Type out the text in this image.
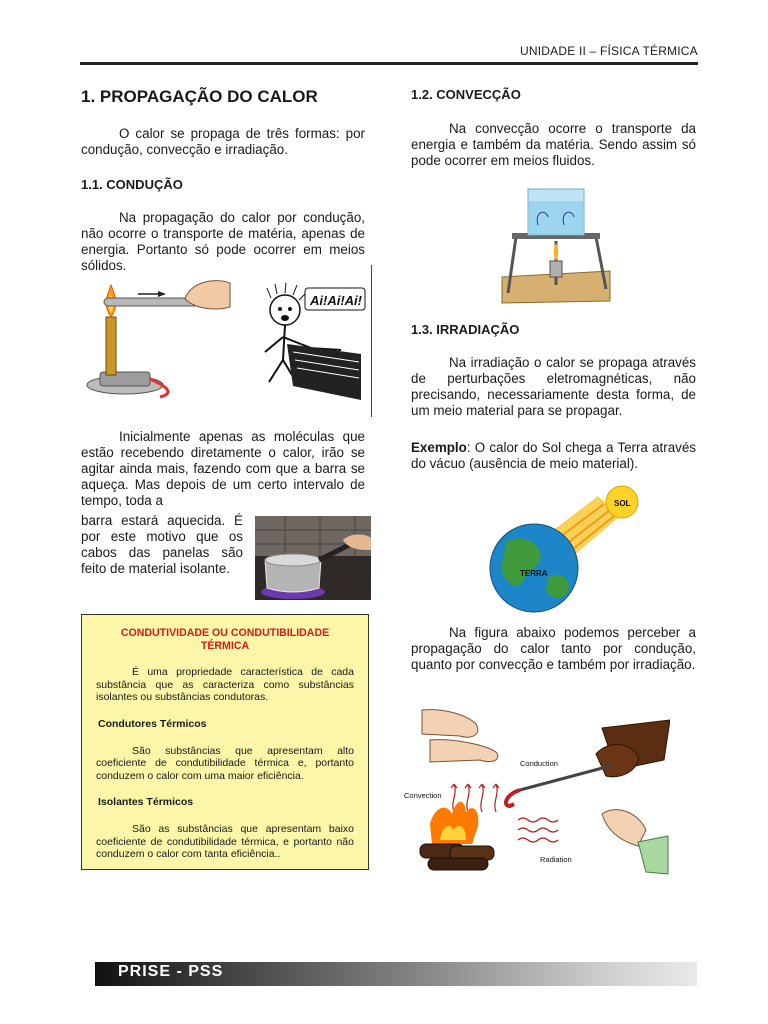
UNIDADE II – FÍSICA TÉRMICA
1. PROPAGAÇÃO DO CALOR

O calor se propaga de três formas: por condução, convecção e irradiação.

1.1. CONDUÇÃO

Na propagação do calor por condução, não ocorre o transporte de matéria, apenas de energia. Portanto só pode ocorrer em meios sólidos.

Ai!Ai!Ai!

Inicialmente apenas as moléculas que estão recebendo diretamente o calor, irão se agitar ainda mais, fazendo com que a barra se aqueça. Mas depois de um certo intervalo de tempo, toda a

barra estará aquecida. É por este motivo que os cabos das panelas são feito de material isolante.

CONDUTIVIDADE OU CONDUTIBILIDADE TÉRMICA

É uma propriedade característica de cada substância que as caracteriza como substâncias isolantes ou substâncias condutoras.

Condutores Térmicos

São substâncias que apresentam alto coeficiente de condutibilidade térmica e, portanto conduzem o calor com uma maior eficiência.

Isolantes Térmicos

São as substâncias que apresentam baixo coeficiente de condutibilidade térmica, e portanto não conduzem o calor com tanta eficiência..

1.2. CONVECÇÃO

Na convecção ocorre o transporte da energia e também da matéria. Sendo assim só pode ocorrer em meios fluidos.

1.3. IRRADIAÇÃO

Na irradiação o calor se propaga através de perturbações eletromagnéticas, não precisando, necessariamente desta forma, de um meio material para se propagar.

Exemplo: O calor do Sol chega a Terra através do vácuo (ausência de meio material).

SOL
TERRA

Na figura abaixo podemos perceber a propagação do calor tanto por condução, quanto por convecção e também por irradiação.

Conduction
Convection
Radiation
PRISE - PSS
